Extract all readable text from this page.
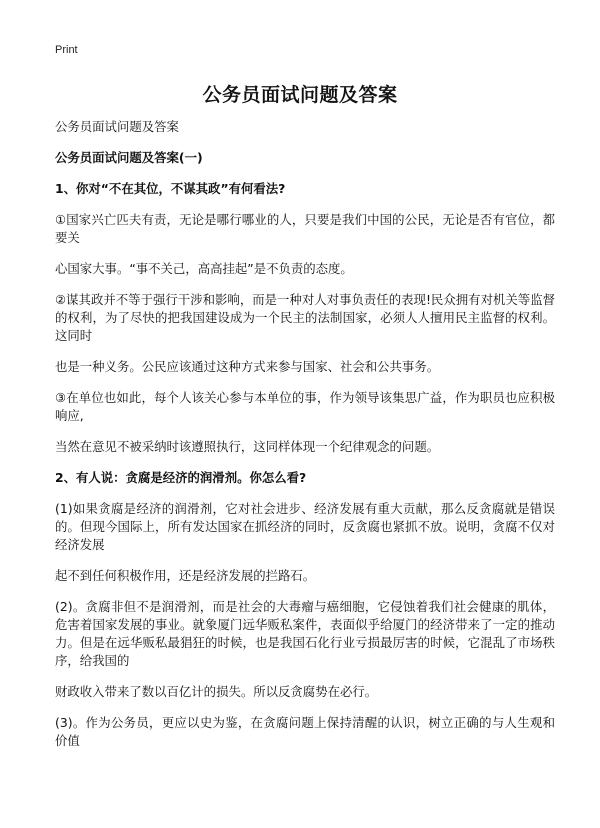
Print
公务员面试问题及答案

公务员面试问题及答案

公务员面试问题及答案(一)

1、你对“不在其位，不谋其政”有何看法?

①国家兴亡匹夫有责，无论是哪行哪业的人，只要是我们中国的公民，无论是否有官位，都要关

心国家大事。“事不关己，高高挂起”是不负责的态度。

②谋其政并不等于强行干涉和影响，而是一种对人对事负责任的表现!民众拥有对机关等监督的权利，为了尽快的把我国建设成为一个民主的法制国家，必须人人擅用民主监督的权利。这同时

也是一种义务。公民应该通过这种方式来参与国家、社会和公共事务。

③在单位也如此，每个人该关心参与本单位的事，作为领导该集思广益，作为职员也应积极响应,

当然在意见不被采纳时该遵照执行，这同样体现一个纪律观念的问题。

2、有人说：贪腐是经济的润滑剂。你怎么看?

(1)如果贪腐是经济的润滑剂，它对社会进步、经济发展有重大贡献，那么反贪腐就是错误的。但现今国际上，所有发达国家在抓经济的同时，反贪腐也紧抓不放。说明，贪腐不仅对经济发展

起不到任何积极作用，还是经济发展的拦路石。

(2)。贪腐非但不是润滑剂，而是社会的大毒瘤与癌细胞，它侵蚀着我们社会健康的肌体，危害着国家发展的事业。就象厦门远华贩私案件，表面似乎给厦门的经济带来了一定的推动力。但是在远华贩私最猖狂的时候，也是我国石化行业亏损最厉害的时候，它混乱了市场秩序，给我国的

财政收入带来了数以百亿计的损失。所以反贪腐势在必行。

(3)。作为公务员，更应以史为鉴，在贪腐问题上保持清醒的认识，树立正确的与人生观和价值
